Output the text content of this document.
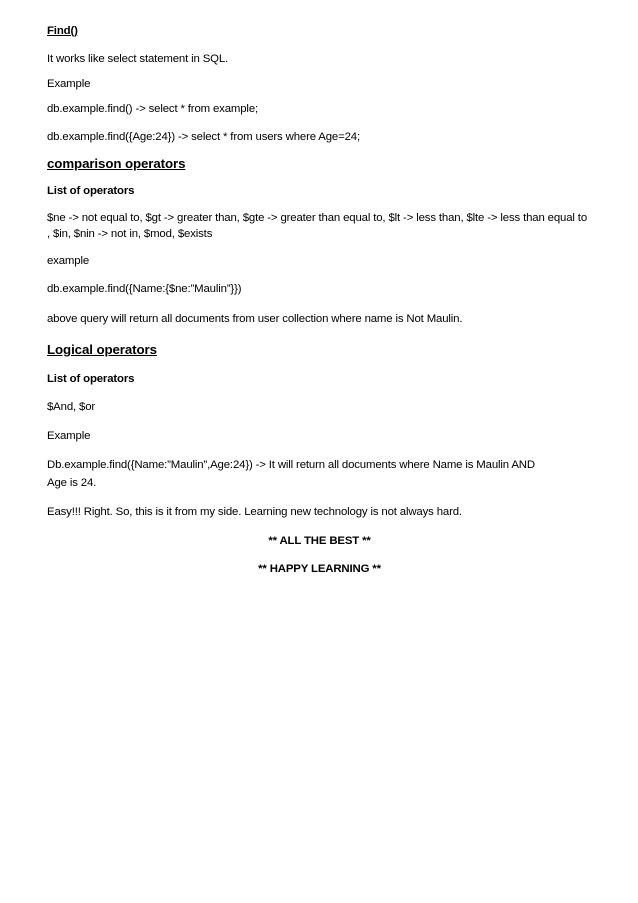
Find()
It works like select statement in SQL.
Example
db.example.find() -> select * from example;
db.example.find({Age:24}) -> select * from users where Age=24;
comparison operators
List of operators
$ne -> not equal to, $gt -> greater than, $gte -> greater than equal to, $lt -> less than, $lte -> less than equal to , $in, $nin -> not in, $mod, $exists
example
db.example.find({Name:{$ne:”Maulin”}})
above query will return all documents from user collection where name is Not Maulin.
Logical operators
List of operators
$And, $or
Example
Db.example.find({Name:”Maulin”,Age:24}) -> It will return all documents where Name is Maulin AND
Age is 24.
Easy!!! Right. So, this is it from my side. Learning new technology is not always hard.
** ALL THE BEST **
** HAPPY LEARNING **
